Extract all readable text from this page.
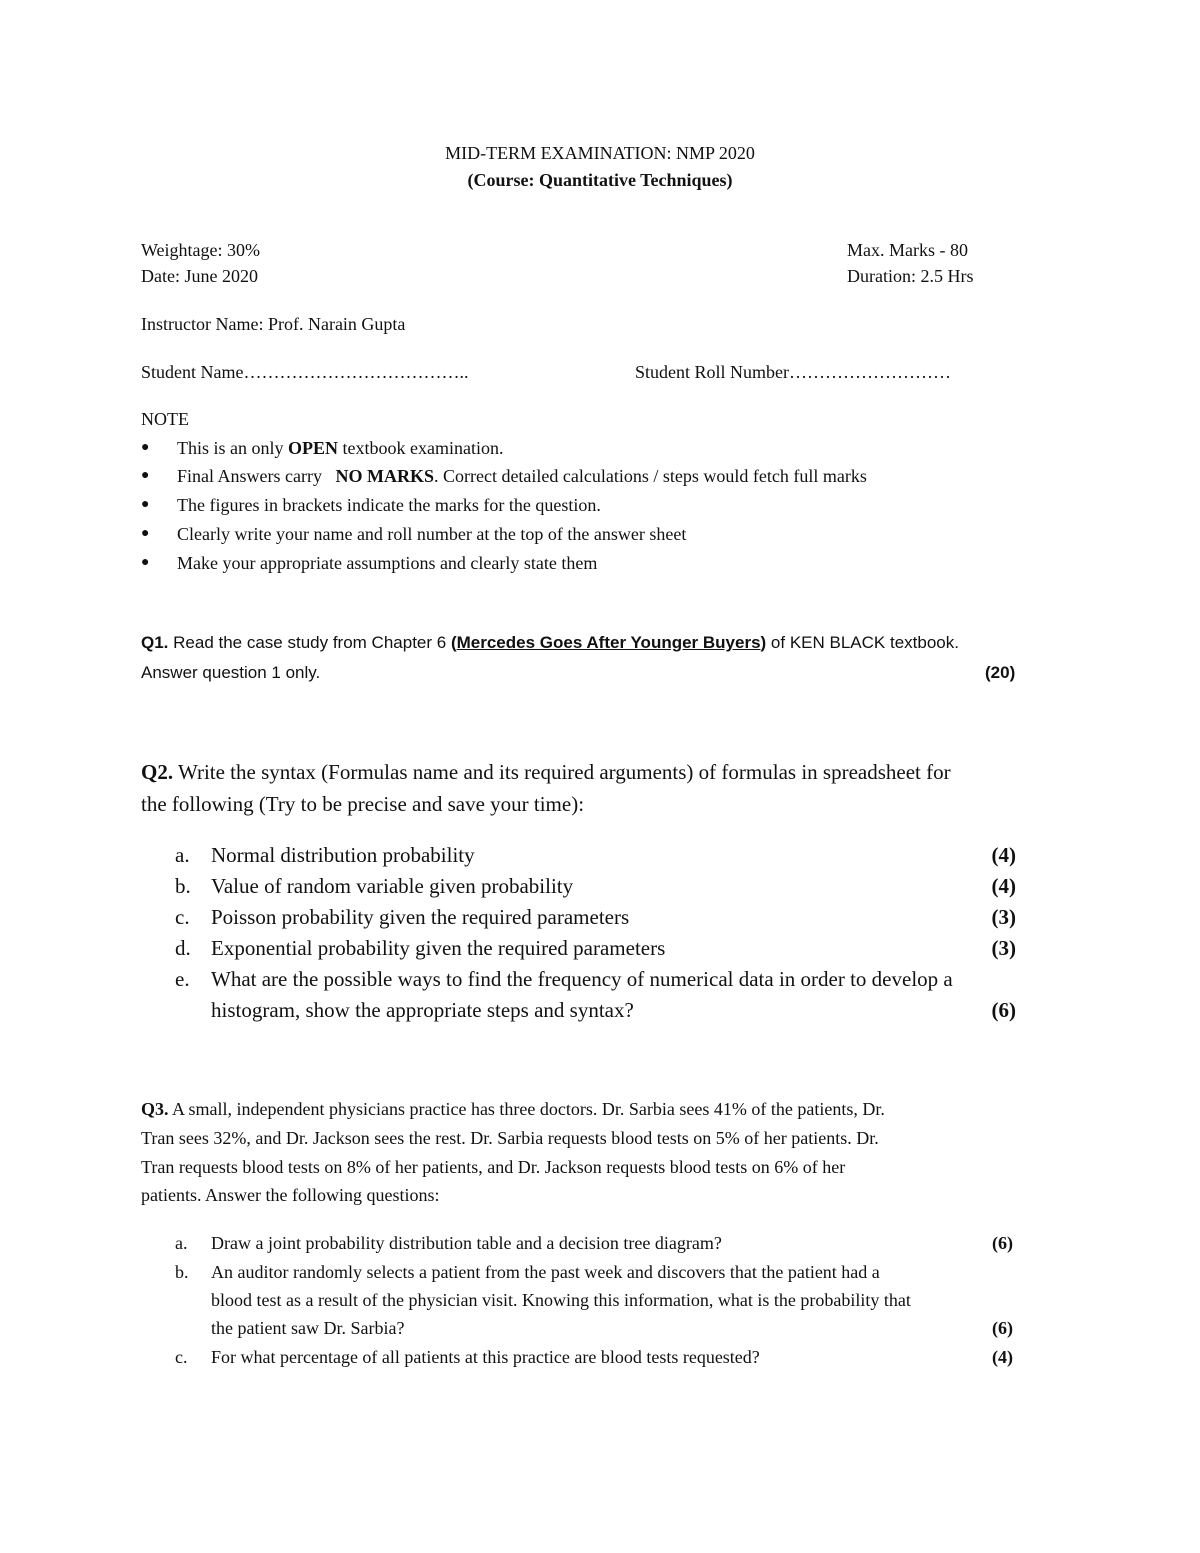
MID-TERM EXAMINATION: NMP 2020
(Course: Quantitative Techniques)
Weightage: 30%	Max. Marks - 80
Date: June 2020	Duration: 2.5 Hrs
Instructor Name: Prof. Narain Gupta
Student Name………………………………..	Student Roll Number………………………
NOTE
● This is an only OPEN textbook examination.
● Final Answers carry   NO MARKS. Correct detailed calculations / steps would fetch full marks
● The figures in brackets indicate the marks for the question.
● Clearly write your name and roll number at the top of the answer sheet
● Make your appropriate assumptions and clearly state them
Q1. Read the case study from Chapter 6 (Mercedes Goes After Younger Buyers) of KEN BLACK textbook.
Answer question 1 only.	(20)
Q2. Write the syntax (Formulas name and its required arguments) of formulas in spreadsheet for
the following (Try to be precise and save your time):
a. Normal distribution probability	(4)
b. Value of random variable given probability	(4)
c. Poisson probability given the required parameters	(3)
d. Exponential probability given the required parameters	(3)
e. What are the possible ways to find the frequency of numerical data in order to develop a
histogram, show the appropriate steps and syntax?	(6)
Q3. A small, independent physicians practice has three doctors. Dr. Sarbia sees 41% of the patients, Dr.
Tran sees 32%, and Dr. Jackson sees the rest. Dr. Sarbia requests blood tests on 5% of her patients. Dr.
Tran requests blood tests on 8% of her patients, and Dr. Jackson requests blood tests on 6% of her
patients. Answer the following questions:
a. Draw a joint probability distribution table and a decision tree diagram?	(6)
b. An auditor randomly selects a patient from the past week and discovers that the patient had a
blood test as a result of the physician visit. Knowing this information, what is the probability that
the patient saw Dr. Sarbia?	(6)
c. For what percentage of all patients at this practice are blood tests requested?	(4)
